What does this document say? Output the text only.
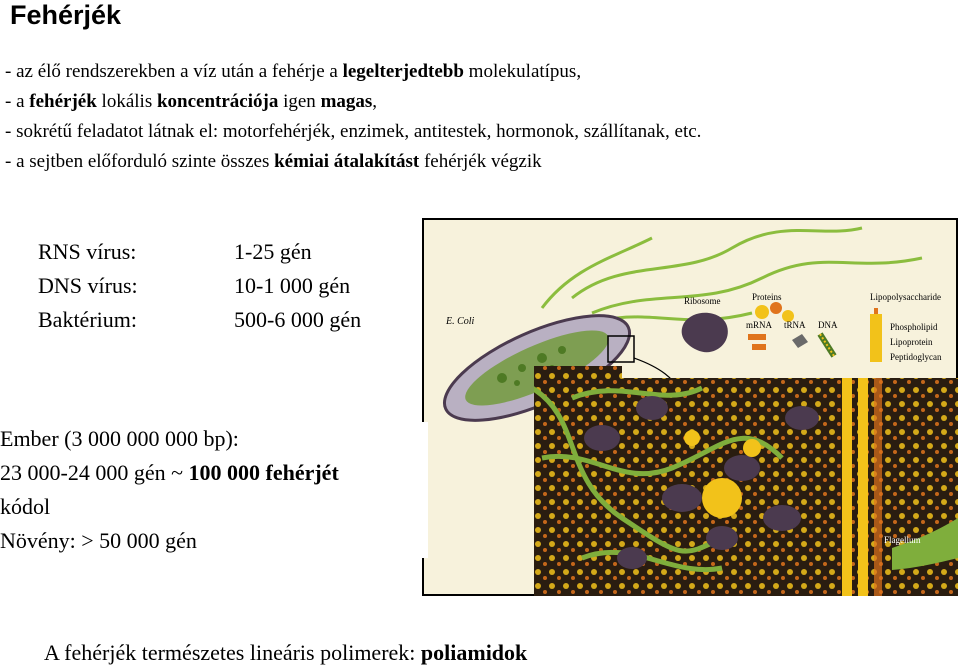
Fehérjék
- az élő rendszerekben a víz után a fehérje a legelterjedtebb molekulatípus,
- a fehérjék lokális koncentrációja igen magas,
- sokrétű feladatot látnak el: motorfehérjék, enzimek, antitestek, hormonok, szállítanak, etc.
- a sejtben előforduló szinte összes kémiai átalakítást fehérjék végzik
RNS vírus:	1-25 gén
DNS vírus:	10-1 000 gén
Baktérium:	500-6 000 gén	E. Coli
Ribosome	Proteins	Lipopolysaccharide
mRNA tRNA DNA	Phospholipid
Lipoprotein
Peptidoglycan
Flagellum
Ember (3 000 000 000 bp):
23 000-24 000 gén ~ 100 000 fehérjét
kódol
Növény: > 50 000 gén
A fehérjék természetes lineáris polimerek: poliamidok
